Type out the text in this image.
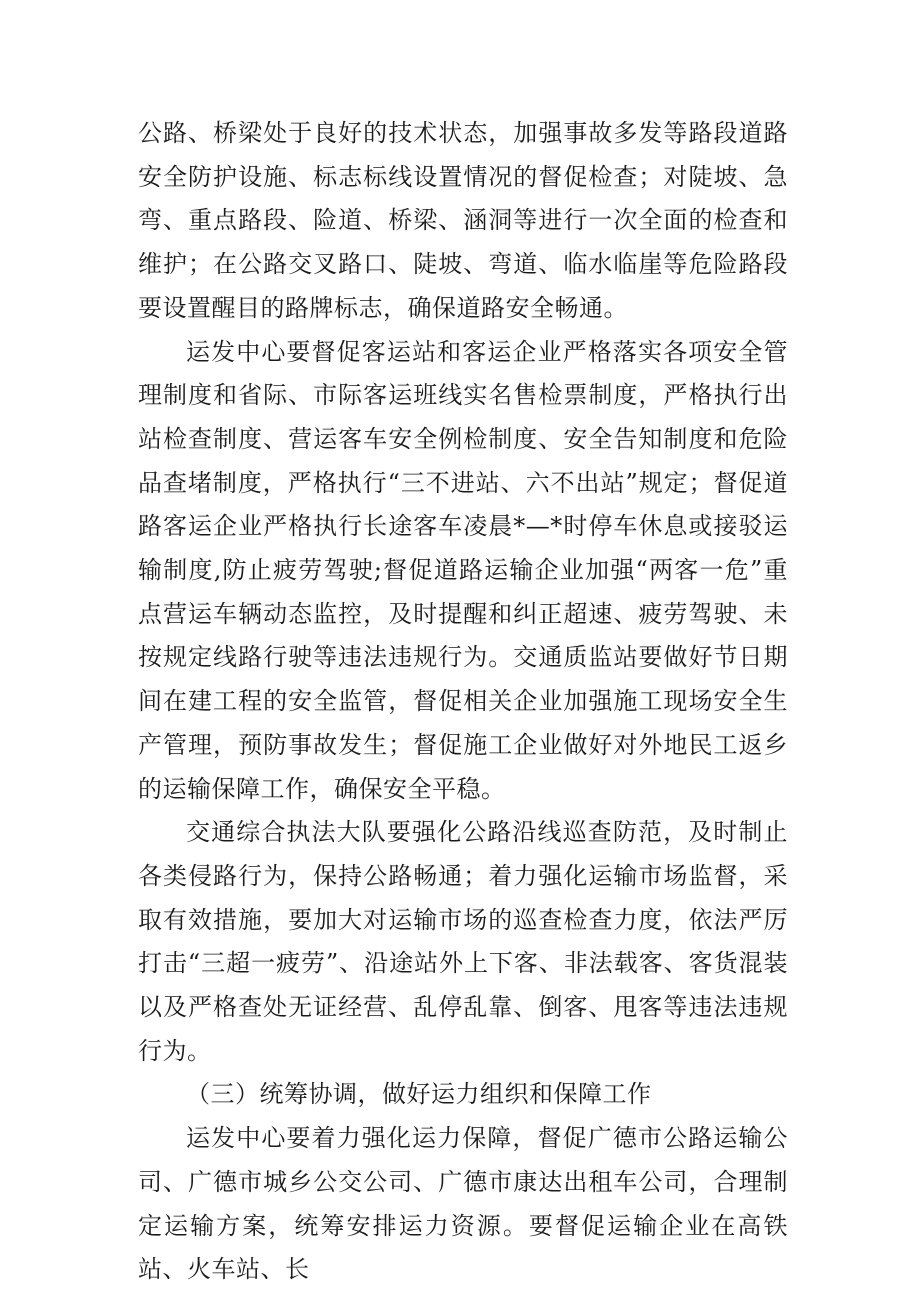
公路、桥梁处于良好的技术状态，加强事故多发等路段道路安全防护设施、标志标线设置情况的督促检查；对陡坡、急弯、重点路段、险道、桥梁、涵洞等进行一次全面的检查和维护；在公路交叉路口、陡坡、弯道、临水临崖等危险路段要设置醒目的路牌标志，确保道路安全畅通。

运发中心要督促客运站和客运企业严格落实各项安全管理制度和省际、市际客运班线实名售检票制度，严格执行出站检查制度、营运客车安全例检制度、安全告知制度和危险品查堵制度，严格执行“三不进站、六不出站”规定；督促道路客运企业严格执行长途客车凌晨*—*时停车休息或接驳运输制度,防止疲劳驾驶;督促道路运输企业加强“两客一危”重点营运车辆动态监控，及时提醒和纠正超速、疲劳驾驶、未按规定线路行驶等违法违规行为。交通质监站要做好节日期间在建工程的安全监管，督促相关企业加强施工现场安全生产管理，预防事故发生；督促施工企业做好对外地民工返乡的运输保障工作，确保安全平稳。

交通综合执法大队要强化公路沿线巡查防范，及时制止各类侵路行为，保持公路畅通；着力强化运输市场监督，采取有效措施，要加大对运输市场的巡查检查力度，依法严厉打击“三超一疲劳”、沿途站外上下客、非法载客、客货混装以及严格查处无证经营、乱停乱靠、倒客、甩客等违法违规行为。

（三）统筹协调，做好运力组织和保障工作

运发中心要着力强化运力保障，督促广德市公路运输公司、广德市城乡公交公司、广德市康达出租车公司，合理制定运输方案，统筹安排运力资源。要督促运输企业在高铁站、火车站、长
